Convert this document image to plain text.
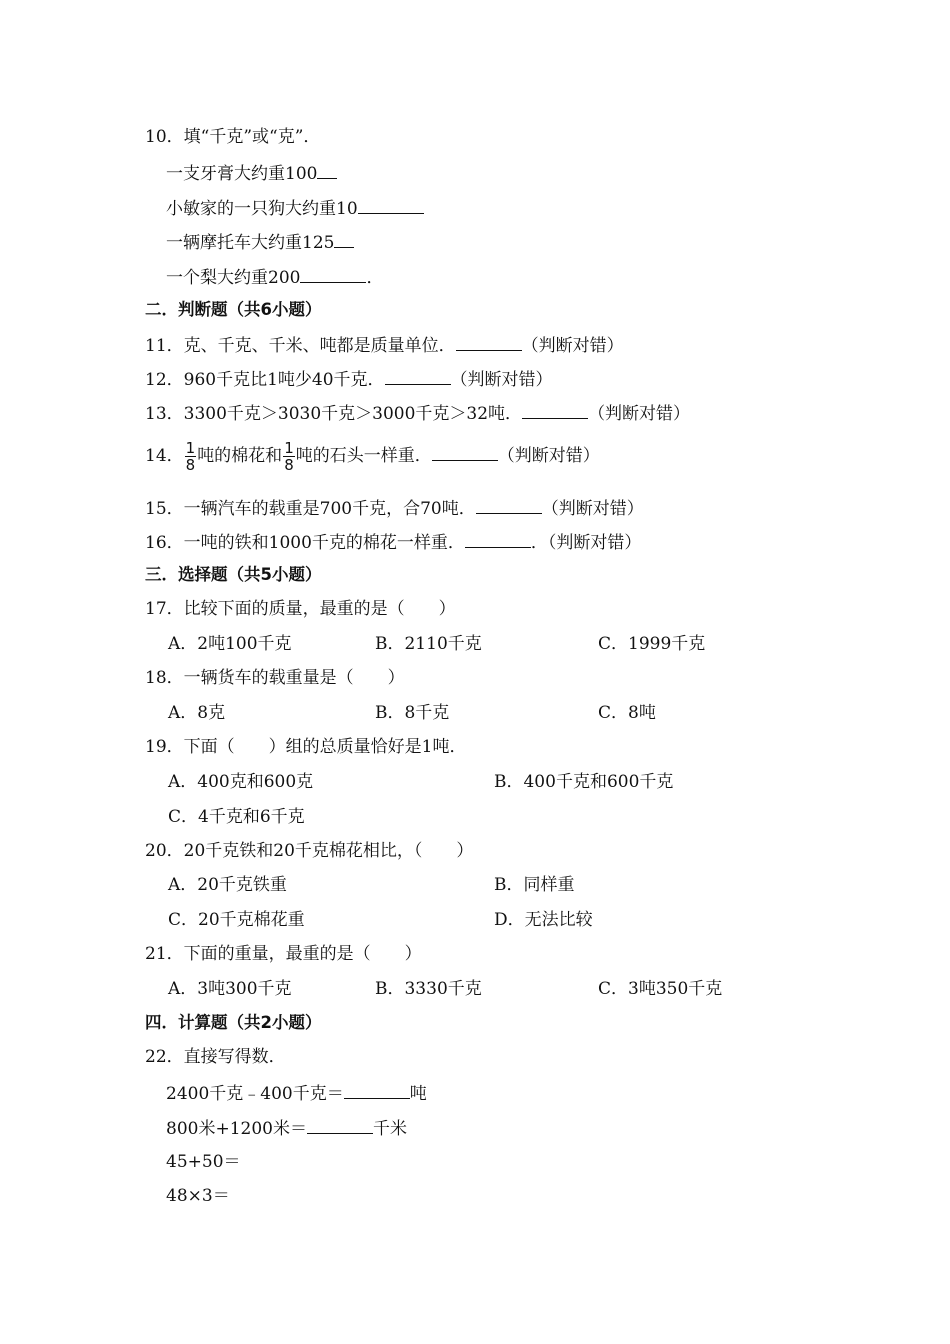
10．填“千克”或“克”．
一支牙膏大约重100
小敏家的一只狗大约重10
一辆摩托车大约重125
一个梨大约重200	．
二．判断题（共6小题）
11．克、千克、千米、吨都是质量单位．	（判断对错）
12．960千克比1吨少40千克．	（判断对错）
13．3300千克＞3030千克＞3000千克＞32吨．	（判断对错）
14． $\frac{1}{8}$ 吨的棉花和 $\frac{1}{8}$ 吨的石头一样重．	（判断对错）
15．一辆汽车的载重是700千克，合70吨．	（判断对错）
16．一吨的铁和1000千克的棉花一样重．	．（判断对错）
三．选择题（共5小题）
17．比较下面的质量，最重的是（　　）
A．2吨100千克	B．2110千克	C．1999千克
18．一辆货车的载重量是（　　）
A．8克	B．8千克	C．8吨
19．下面（　　）组的总质量恰好是1吨．
A．400克和600克	B．400千克和600千克
C．4千克和6千克
20．20千克铁和20千克棉花相比，（　　）
A．20千克铁重	B．同样重
C．20千克棉花重	D．无法比较
21．下面的重量，最重的是（　　）
A．3吨300千克	B．3330千克	C．3吨350千克
四．计算题（共2小题）
22．直接写得数．
2400千克﹣400千克＝	吨
800米+1200米＝	千米
45+50＝
48×3＝
